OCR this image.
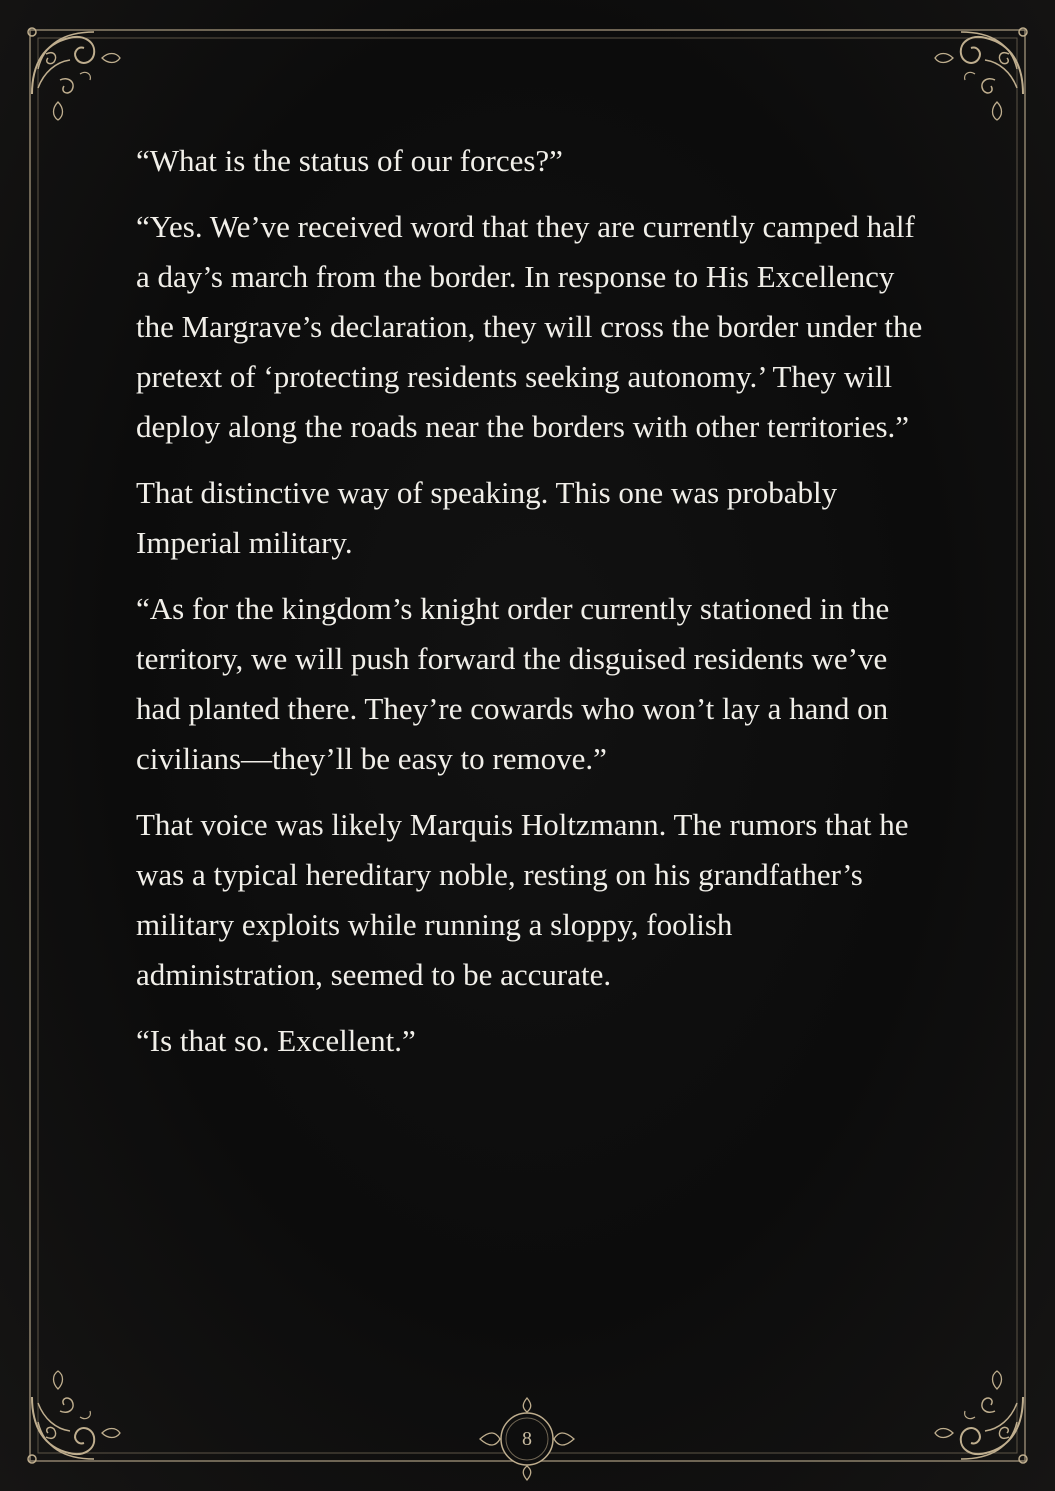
“What is the status of our forces?”

“Yes. We’ve received word that they are currently camped half a day’s march from the border. In response to His Excellency the Margrave’s declaration, they will cross the border under the pretext of ‘protecting residents seeking autonomy.’ They will deploy along the roads near the borders with other territories.”

That distinctive way of speaking. This one was probably Imperial military.

“As for the kingdom’s knight order currently stationed in the territory, we will push forward the disguised residents we’ve had planted there. They’re cowards who won’t lay a hand on civilians—they’ll be easy to remove.”

That voice was likely Marquis Holtzmann. The rumors that he was a typical hereditary noble, resting on his grandfather’s military exploits while running a sloppy, foolish administration, seemed to be accurate.

“Is that so. Excellent.”

8
